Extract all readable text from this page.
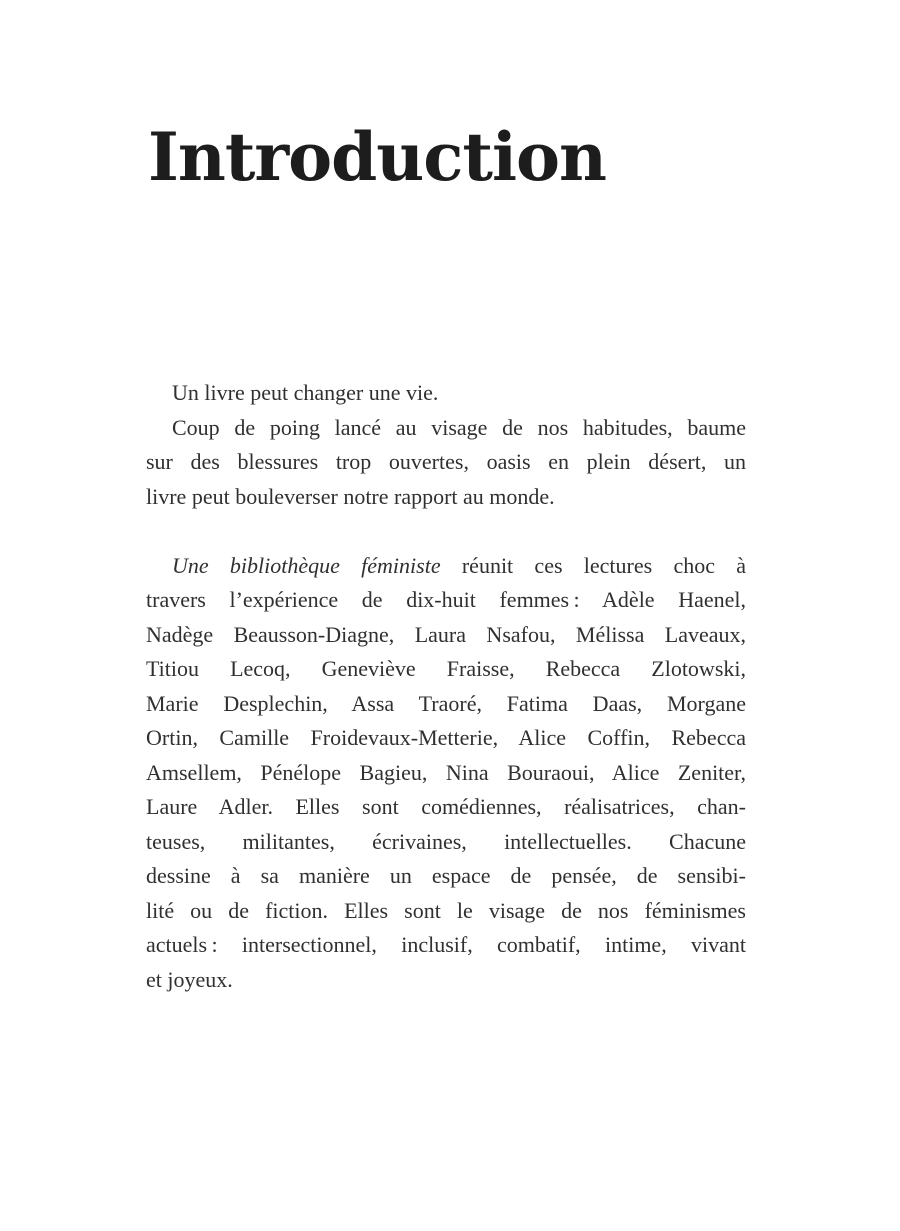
Introduction
Un livre peut changer une vie.
Coup de poing lancé au visage de nos habitudes, baume
sur des blessures trop ouvertes, oasis en plein désert, un
livre peut bouleverser notre rapport au monde.
Une bibliothèque féministe réunit ces lectures choc à
travers l’expérience de dix-huit femmes : Adèle Haenel,
Nadège Beausson-Diagne, Laura Nsafou, Mélissa Laveaux,
Titiou Lecoq, Geneviève Fraisse, Rebecca Zlotowski,
Marie Desplechin, Assa Traoré, Fatima Daas, Morgane
Ortin, Camille Froidevaux-Metterie, Alice Coffin, Rebecca
Amsellem, Pénélope Bagieu, Nina Bouraoui, Alice Zeniter,
Laure Adler. Elles sont comédiennes, réalisatrices, chan-
teuses, militantes, écrivaines, intellectuelles. Chacune
dessine à sa manière un espace de pensée, de sensibi-
lité ou de fiction. Elles sont le visage de nos féminismes
actuels : intersectionnel, inclusif, combatif, intime, vivant
et joyeux.
